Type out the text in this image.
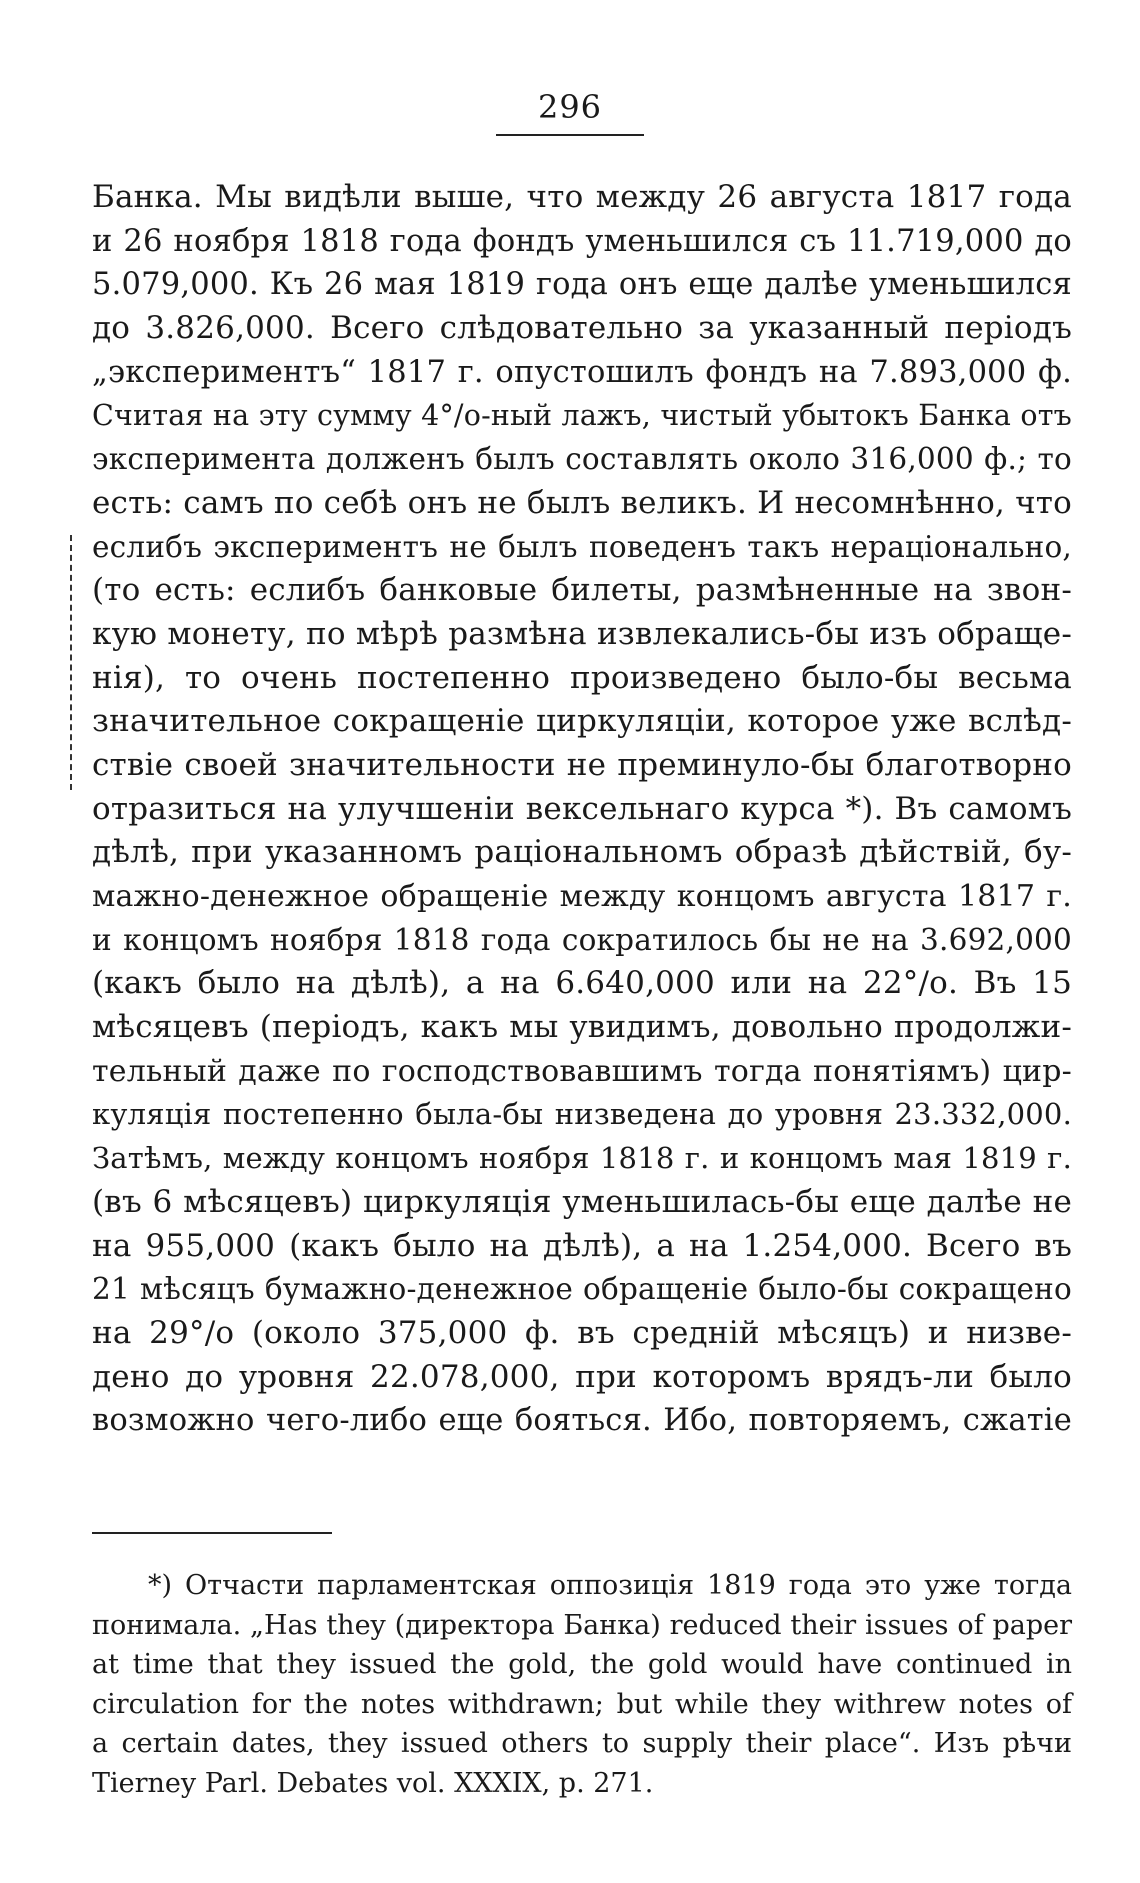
296
Банка. Мы видѣли выше, что между 26 августа 1817 года
и 26 ноября 1818 года фондъ уменьшился съ 11.719,000 до
5.079,000. Къ 26 мая 1819 года онъ еще далѣе уменьшился
до 3.826,000. Всего слѣдовательно за указанный періодъ
„экспериментъ“ 1817 г. опустошилъ фондъ на 7.893,000 ф.
Считая на эту сумму 4°/о-ный лажъ, чистый убытокъ Банка отъ
эксперимента долженъ былъ составлять около 316,000 ф.; то
есть: самъ по себѣ онъ не былъ великъ. И несомнѣнно, что
еслибъ экспериментъ не былъ поведенъ такъ нераціонально,
(то есть: еслибъ банковые билеты, размѣненные на звон-
кую монету, по мѣрѣ размѣна извлекались-бы изъ обраще-
нія), то очень постепенно произведено было-бы весьма
значительное сокращеніе циркуляціи, которое уже вслѣд-
ствіе своей значительности не преминуло-бы благотворно
отразиться на улучшеніи вексельнаго курса *). Въ самомъ
дѣлѣ, при указанномъ раціональномъ образѣ дѣйствій, бу-
мажно-денежное обращеніе между концомъ августа 1817 г.
и концомъ ноября 1818 года сократилось бы не на 3.692,000
(какъ было на дѣлѣ), а на 6.640,000 или на 22°/о. Въ 15
мѣсяцевъ (періодъ, какъ мы увидимъ, довольно продолжи-
тельный даже по господствовавшимъ тогда понятіямъ) цир-
куляція постепенно была-бы низведена до уровня 23.332,000.
Затѣмъ, между концомъ ноября 1818 г. и концомъ мая 1819 г.
(въ 6 мѣсяцевъ) циркуляція уменьшилась-бы еще далѣе не
на 955,000 (какъ было на дѣлѣ), а на 1.254,000. Всего въ
21 мѣсяцъ бумажно-денежное обращеніе было-бы сокращено
на 29°/о (около 375,000 ф. въ средній мѣсяцъ) и низве-
дено до уровня 22.078,000, при которомъ врядъ-ли было
возможно чего-либо еще бояться. Ибо, повторяемъ, сжатіе
*) Отчасти парламентская оппозиція 1819 года это уже тогда
понимала. „Has they (директора Банка) reduced their issues of paper
at time that they issued the gold, the gold would have continued in
circulation for the notes withdrawn; but while they withrew notes of
a certain dates, they issued others to supply their place“. Изъ рѣчи
Tierney Parl. Debates vol. XXXIX, p. 271.
